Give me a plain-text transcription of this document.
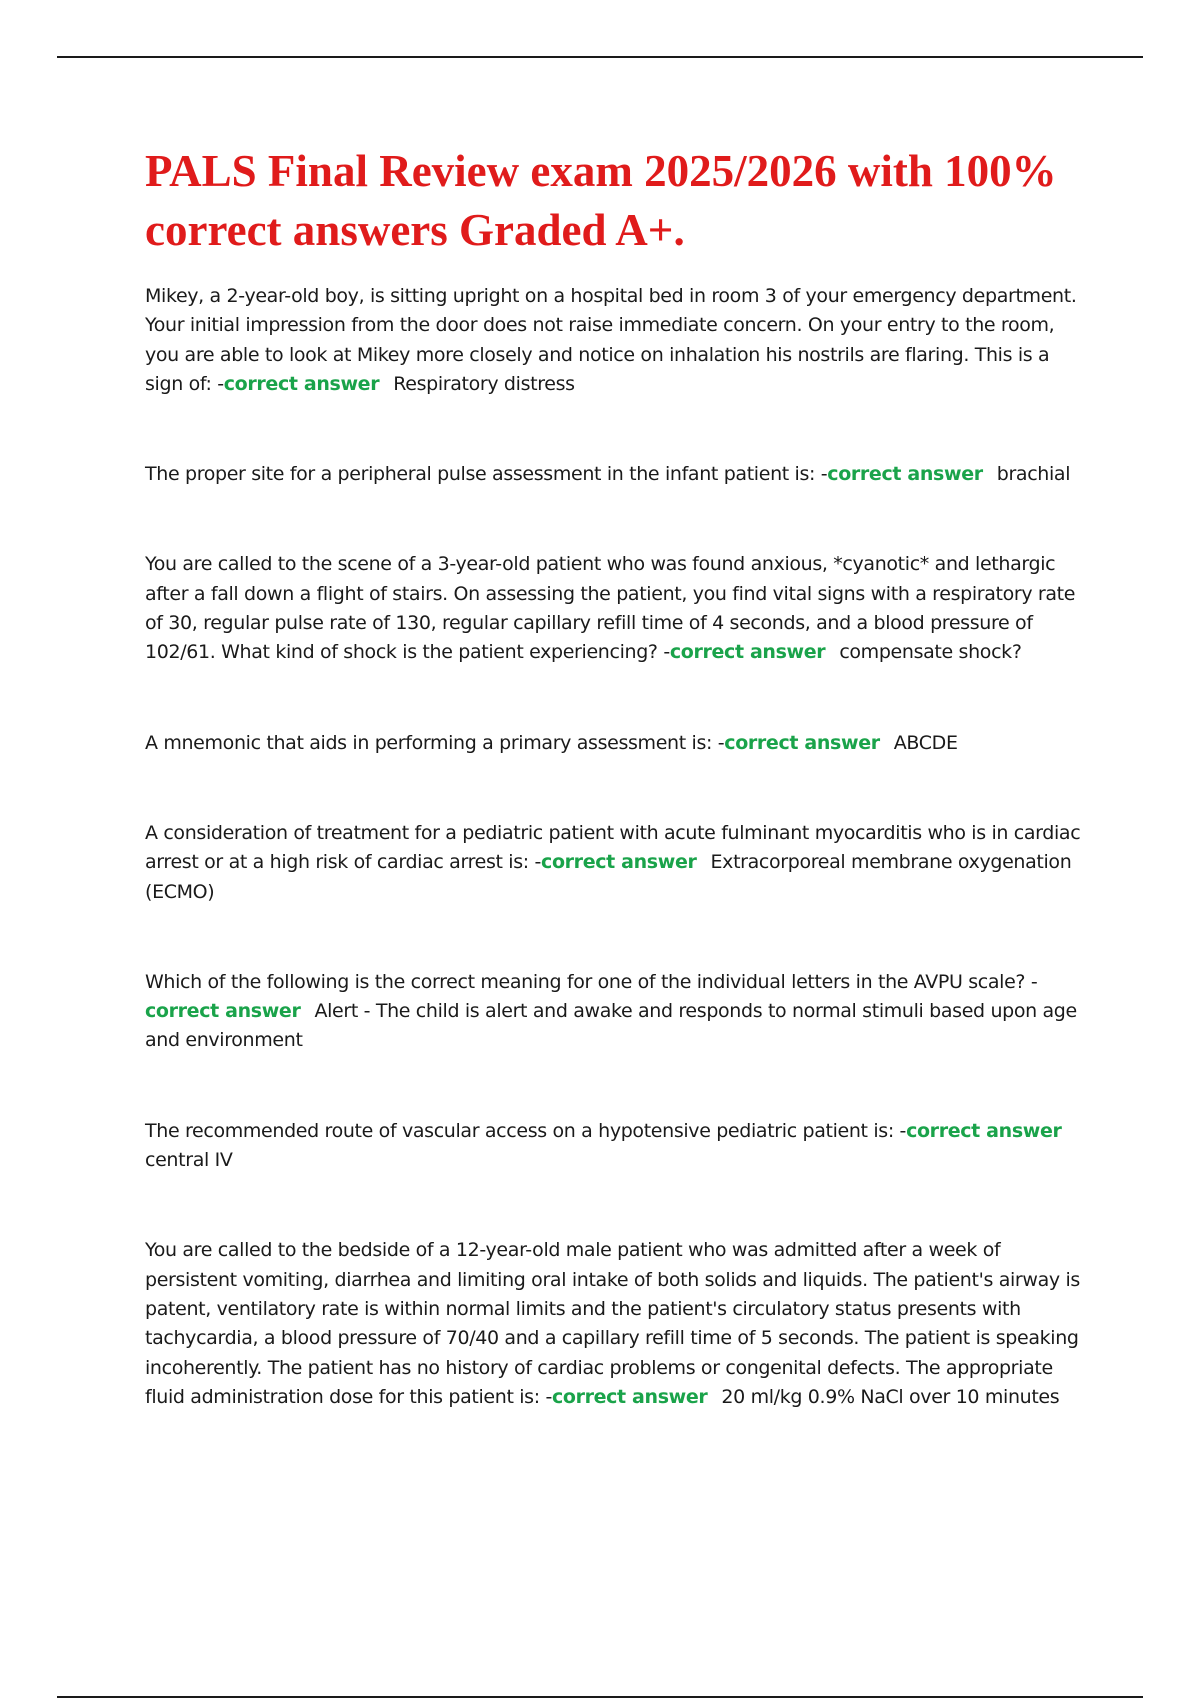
PALS Final Review exam 2025/2026 with 100% correct answers Graded A+.

Mikey, a 2-year-old boy, is sitting upright on a hospital bed in room 3 of your emergency department. Your initial impression from the door does not raise immediate concern. On your entry to the room, you are able to look at Mikey more closely and notice on inhalation his nostrils are flaring. This is a sign of: -correct answer Respiratory distress

The proper site for a peripheral pulse assessment in the infant patient is: -correct answer brachial

You are called to the scene of a 3-year-old patient who was found anxious, *cyanotic* and lethargic after a fall down a flight of stairs. On assessing the patient, you find vital signs with a respiratory rate of 30, regular pulse rate of 130, regular capillary refill time of 4 seconds, and a blood pressure of 102/61. What kind of shock is the patient experiencing? -correct answer compensate shock?

A mnemonic that aids in performing a primary assessment is: -correct answer ABCDE

A consideration of treatment for a pediatric patient with acute fulminant myocarditis who is in cardiac arrest or at a high risk of cardiac arrest is: -correct answer Extracorporeal membrane oxygenation (ECMO)

Which of the following is the correct meaning for one of the individual letters in the AVPU scale? -correct answer Alert - The child is alert and awake and responds to normal stimuli based upon age and environment

The recommended route of vascular access on a hypotensive pediatric patient is: -correct answercentral IV

You are called to the bedside of a 12-year-old male patient who was admitted after a week of persistent vomiting, diarrhea and limiting oral intake of both solids and liquids. The patient's airway is patent, ventilatory rate is within normal limits and the patient's circulatory status presents with tachycardia, a blood pressure of 70/40 and a capillary refill time of 5 seconds. The patient is speaking incoherently. The patient has no history of cardiac problems or congenital defects. The appropriate fluid administration dose for this patient is: -correct answer 20 ml/kg 0.9% NaCl over 10 minutes
